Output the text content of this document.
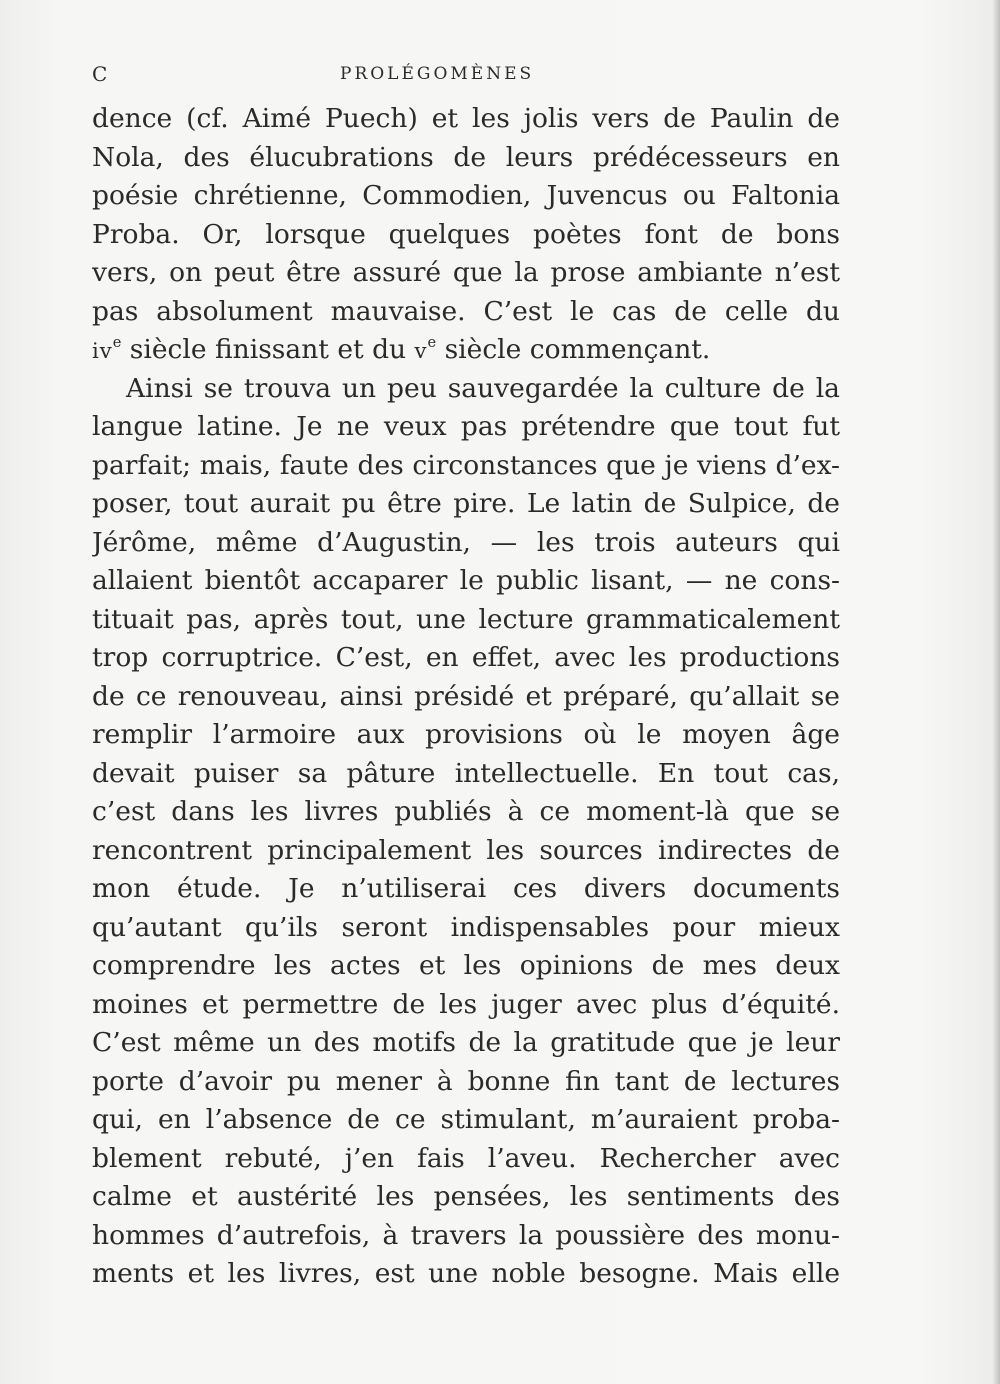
C	PROLÉGOMÈNES
dence (cf. Aimé Puech) et les jolis vers de Paulin de
Nola, des élucubrations de leurs prédécesseurs en
poésie chrétienne, Commodien, Juvencus ou Faltonia
Proba. Or, lorsque quelques poètes font de bons
vers, on peut être assuré que la prose ambiante n’est
pas absolument mauvaise. C’est le cas de celle du
$iv^e$ siècle finissant et du $v^e$ siècle commençant.
Ainsi se trouva un peu sauvegardée la culture de la
langue latine. Je ne veux pas prétendre que tout fut
parfait; mais, faute des circonstances que je viens d’ex-
poser, tout aurait pu être pire. Le latin de Sulpice, de
Jérôme, même d’Augustin, — les trois auteurs qui
allaient bientôt accaparer le public lisant, — ne cons-
tituait pas, après tout, une lecture grammaticalement
trop corruptrice. C’est, en effet, avec les productions
de ce renouveau, ainsi présidé et préparé, qu’allait se
remplir l’armoire aux provisions où le moyen âge
devait puiser sa pâture intellectuelle. En tout cas,
c’est dans les livres publiés à ce moment-là que se
rencontrent principalement les sources indirectes de
mon étude. Je n’utiliserai ces divers documents
qu’autant qu’ils seront indispensables pour mieux
comprendre les actes et les opinions de mes deux
moines et permettre de les juger avec plus d’équité.
C’est même un des motifs de la gratitude que je leur
porte d’avoir pu mener à bonne fin tant de lectures
qui, en l’absence de ce stimulant, m’auraient proba-
blement rebuté, j’en fais l’aveu. Rechercher avec
calme et austérité les pensées, les sentiments des
hommes d’autrefois, à travers la poussière des monu-
ments et les livres, est une noble besogne. Mais elle
